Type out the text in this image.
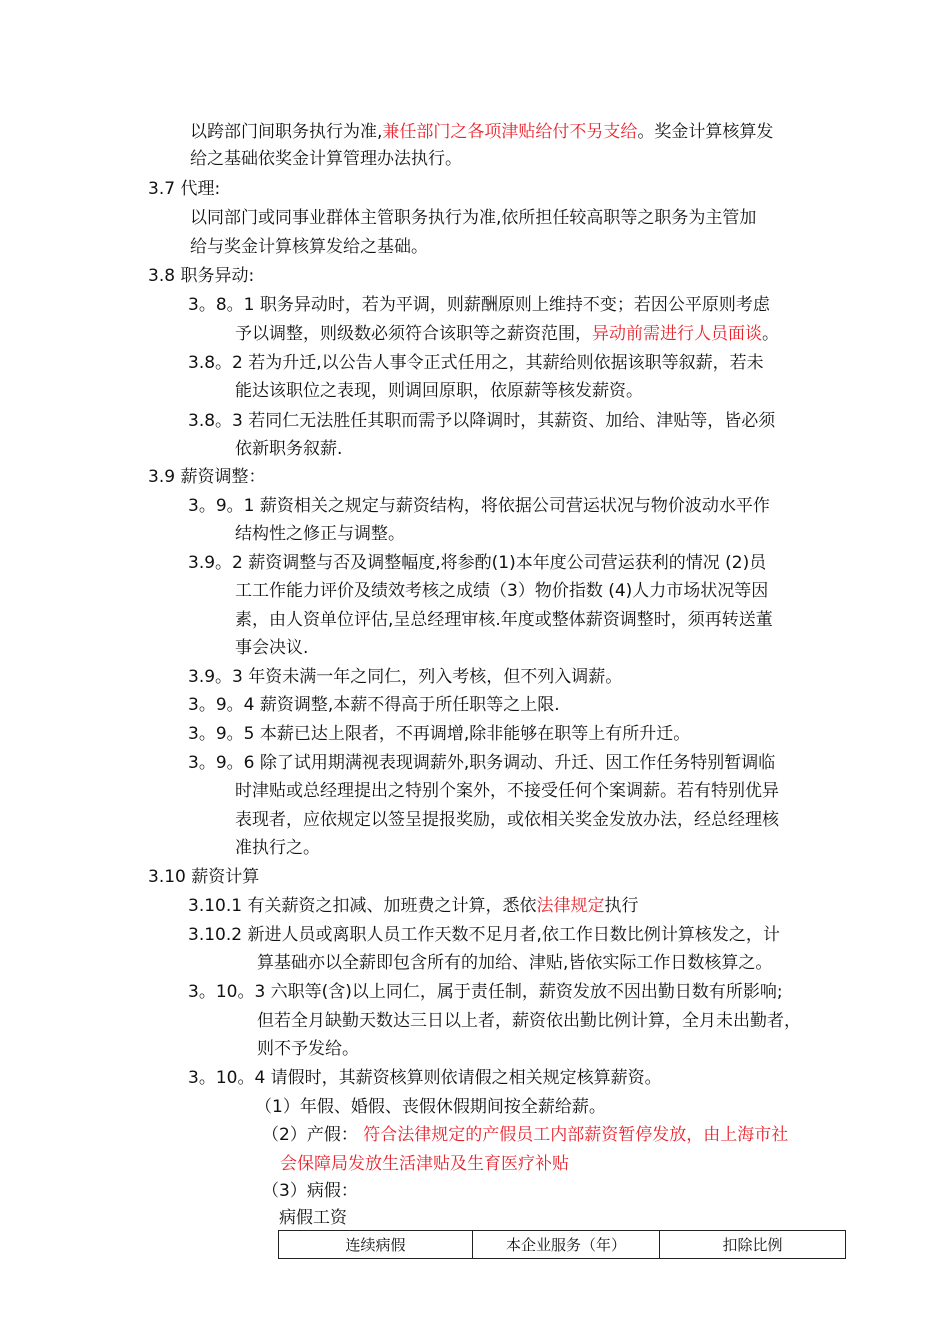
以跨部门间职务执行为准,兼任部门之各项津贴给付不另支给。奖金计算核算发
给之基础依奖金计算管理办法执行。
3.7 代理:
以同部门或同事业群体主管职务执行为准,依所担任较高职等之职务为主管加
给与奖金计算核算发给之基础。
3.8 职务异动:
3。8。1 职务异动时，若为平调，则薪酬原则上维持不变；若因公平原则考虑
予以调整，则级数必须符合该职等之薪资范围，异动前需进行人员面谈。
3.8。2 若为升迁,以公告人事令正式任用之，其薪给则依据该职等叙薪，若未
能达该职位之表现，则调回原职，依原薪等核发薪资。
3.8。3 若同仁无法胜任其职而需予以降调时，其薪资、加给、津贴等，皆必须
依新职务叙薪.
3.9 薪资调整：
3。9。1 薪资相关之规定与薪资结构，将依据公司营运状况与物价波动水平作
结构性之修正与调整。
3.9。2 薪资调整与否及调整幅度,将参酌(1)本年度公司营运获利的情况 (2)员
工工作能力评价及绩效考核之成绩（3）物价指数 (4)人力市场状况等因
素，由人资单位评估,呈总经理审核.年度或整体薪资调整时，须再转送董
事会决议.
3.9。3 年资未满一年之同仁，列入考核，但不列入调薪。
3。9。4 薪资调整,本薪不得高于所任职等之上限.
3。9。5 本薪已达上限者，不再调增,除非能够在职等上有所升迁。
3。9。6 除了试用期满视表现调薪外,职务调动、升迁、因工作任务特别暂调临
时津贴或总经理提出之特别个案外，不接受任何个案调薪。若有特别优异
表现者，应依规定以签呈提报奖励，或依相关奖金发放办法，经总经理核
准执行之。
3.10 薪资计算
3.10.1 有关薪资之扣减、加班费之计算，悉依法律规定执行
3.10.2 新进人员或离职人员工作天数不足月者,依工作日数比例计算核发之，计
算基础亦以全薪即包含所有的加给、津贴,皆依实际工作日数核算之。
3。10。3 六职等(含)以上同仁，属于责任制，薪资发放不因出勤日数有所影响;
但若全月缺勤天数达三日以上者，薪资依出勤比例计算，全月未出勤者，
则不予发给。
3。10。4 请假时，其薪资核算则依请假之相关规定核算薪资。
（1）年假、婚假、丧假休假期间按全薪给薪。
（2）产假： 符合法律规定的产假员工内部薪资暂停发放，由上海市社
会保障局发放生活津贴及生育医疗补贴
（3）病假：
病假工资
连续病假	本企业服务（年）	扣除比例
